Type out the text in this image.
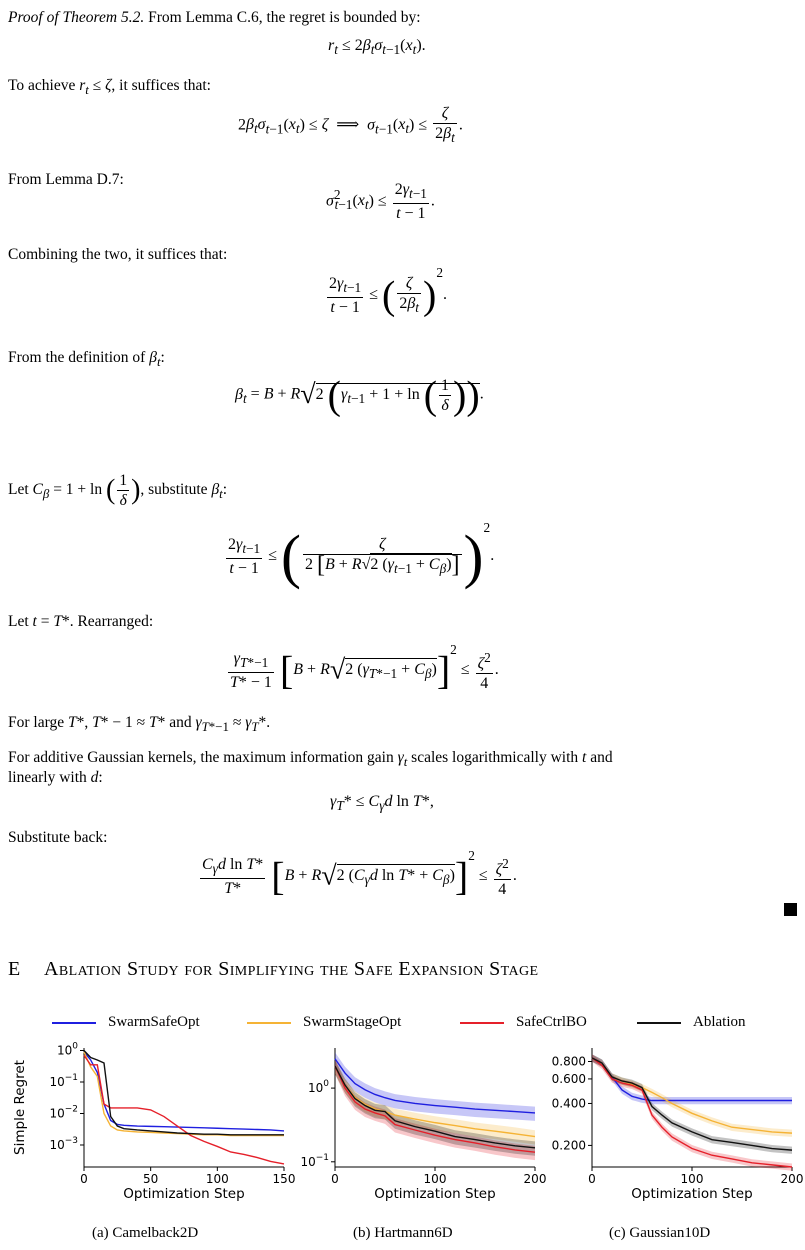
Proof of Theorem 5.2. From Lemma C.6, the regret is bounded by:
$r_t \le 2\beta_t\sigma_{t-1}(x_t)$.
To achieve $r_t \le \zeta$, it suffices that:
$2\beta_t\sigma_{t-1}(x_t) \le \zeta$  ⟹  $\sigma_{t-1}(x_t) \le \frac{\zeta}{2\beta_t}$ .
From Lemma D.7:
$\sigma^2_{t-1}(x_t) \le \frac{2\gamma_{t-1}}{t - 1}$ .
Combining the two, it suffices that:
$\frac{2\gamma_{t-1}}{t - 1}$ ≤ ( $\frac{\zeta}{2\beta_t} )^2$.
From the definition of $\beta_t$:
$\beta_t = B + R√2$ ($\gamma_{t-1} + 1 + \ln$ ( $\frac{1}{\delta}$ )).
Let $C_\beta = 1 + \ln$ ( $\frac{1}{\delta}$ ), substitute $\beta_t$:
$\frac{2\gamma_{t-1}}{t - 1}$ ≤ ( $\frac{\zeta}{2 [B + R√2 (\gamma_{t-1} + C_\beta)]} )^2$.
Let t = T*. Rearranged:
$\frac{\gamma_{T*-1}}{T* - 1} [B + R√2$ $(\gamma_{T*-1} + C_\beta)]^2 \le \frac{\zeta^2}{4}$ .
For large T*, T* − 1 ≈ T* and $\gamma_{T*-1} \approx \gamma_T*$.
For additive Gaussian kernels, the maximum information gain $\gamma_t$ scales logarithmically with t and
linearly with d:
$\gamma_T* \le C_\gamma d$ ln T*,
Substitute back:
$\frac{C_\gamma d \ln T*}{T*} [B + R√2$ ($C_\gamma d$ $\ln T* + C_\beta)]^2 \le \frac{\zeta^2}{4}$ .
E Ablation Study for Simplifying the Safe Expansion Stage
SwarmSafeOpt	SwarmStageOpt	SafeCtrlBO	Ablation
0	50	100	150
$10^0$
$10^{-1}$
$10^{-2}$
$10^{-3}$
Optimization Step
Simple Regret
0	100	200
$10^0$
$10^{-1}$
Optimization Step
0	100	200
0.800
0.600
0.400
0.200
Optimization Step
(a) Camelback2D	(b) Hartmann6D	(c) Gaussian10D
